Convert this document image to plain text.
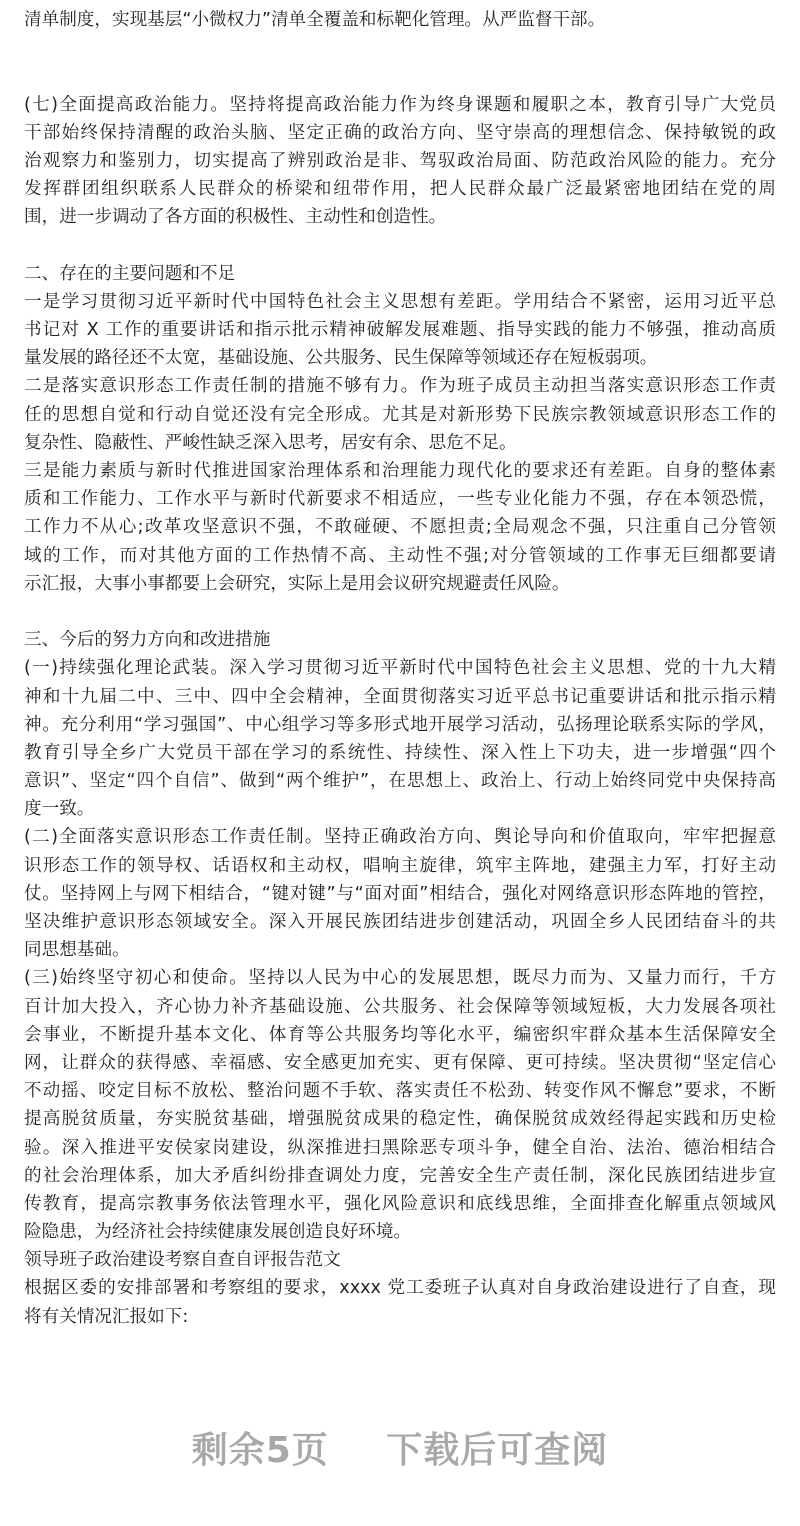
清单制度，实现基层“小微权力”清单全覆盖和标靶化管理。从严监督干部。
(七)全面提高政治能力。坚持将提高政治能力作为终身课题和履职之本，教育引导广大党员
干部始终保持清醒的政治头脑、坚定正确的政治方向、坚守崇高的理想信念、保持敏锐的政
治观察力和鉴别力，切实提高了辨别政治是非、驾驭政治局面、防范政治风险的能力。充分
发挥群团组织联系人民群众的桥梁和纽带作用，把人民群众最广泛最紧密地团结在党的周
围，进一步调动了各方面的积极性、主动性和创造性。
二、存在的主要问题和不足
一是学习贯彻习近平新时代中国特色社会主义思想有差距。学用结合不紧密，运用习近平总
书记对 X 工作的重要讲话和指示批示精神破解发展难题、指导实践的能力不够强，推动高质
量发展的路径还不太宽，基础设施、公共服务、民生保障等领域还存在短板弱项。
二是落实意识形态工作责任制的措施不够有力。作为班子成员主动担当落实意识形态工作责
任的思想自觉和行动自觉还没有完全形成。尤其是对新形势下民族宗教领域意识形态工作的
复杂性、隐蔽性、严峻性缺乏深入思考，居安有余、思危不足。
三是能力素质与新时代推进国家治理体系和治理能力现代化的要求还有差距。自身的整体素
质和工作能力、工作水平与新时代新要求不相适应，一些专业化能力不强，存在本领恐慌，
工作力不从心;改革攻坚意识不强，不敢碰硬、不愿担责;全局观念不强，只注重自己分管领
域的工作，而对其他方面的工作热情不高、主动性不强;对分管领域的工作事无巨细都要请
示汇报，大事小事都要上会研究，实际上是用会议研究规避责任风险。
三、今后的努力方向和改进措施
(一)持续强化理论武装。深入学习贯彻习近平新时代中国特色社会主义思想、党的十九大精
神和十九届二中、三中、四中全会精神，全面贯彻落实习近平总书记重要讲话和批示指示精
神。充分利用“学习强国”、中心组学习等多形式地开展学习活动，弘扬理论联系实际的学风，
教育引导全乡广大党员干部在学习的系统性、持续性、深入性上下功夫，进一步增强“四个
意识”、坚定“四个自信”、做到“两个维护”，在思想上、政治上、行动上始终同党中央保持高
度一致。
(二)全面落实意识形态工作责任制。坚持正确政治方向、舆论导向和价值取向，牢牢把握意
识形态工作的领导权、话语权和主动权，唱响主旋律，筑牢主阵地，建强主力军，打好主动
仗。坚持网上与网下相结合，“键对键”与“面对面”相结合，强化对网络意识形态阵地的管控，
坚决维护意识形态领域安全。深入开展民族团结进步创建活动，巩固全乡人民团结奋斗的共
同思想基础。
(三)始终坚守初心和使命。坚持以人民为中心的发展思想，既尽力而为、又量力而行，千方
百计加大投入，齐心协力补齐基础设施、公共服务、社会保障等领域短板，大力发展各项社
会事业，不断提升基本文化、体育等公共服务均等化水平，编密织牢群众基本生活保障安全
网，让群众的获得感、幸福感、安全感更加充实、更有保障、更可持续。坚决贯彻“坚定信心
不动摇、咬定目标不放松、整治问题不手软、落实责任不松劲、转变作风不懈怠”要求，不断
提高脱贫质量，夯实脱贫基础，增强脱贫成果的稳定性，确保脱贫成效经得起实践和历史检
验。深入推进平安侯家岗建设，纵深推进扫黑除恶专项斗争，健全自治、法治、德治相结合
的社会治理体系，加大矛盾纠纷排查调处力度，完善安全生产责任制，深化民族团结进步宣
传教育，提高宗教事务依法管理水平，强化风险意识和底线思维，全面排查化解重点领域风
险隐患，为经济社会持续健康发展创造良好环境。
领导班子政治建设考察自查自评报告范文
根据区委的安排部署和考察组的要求，xxxx 党工委班子认真对自身政治建设进行了自查，现
将有关情况汇报如下:
剩余5页 下载后可查阅
